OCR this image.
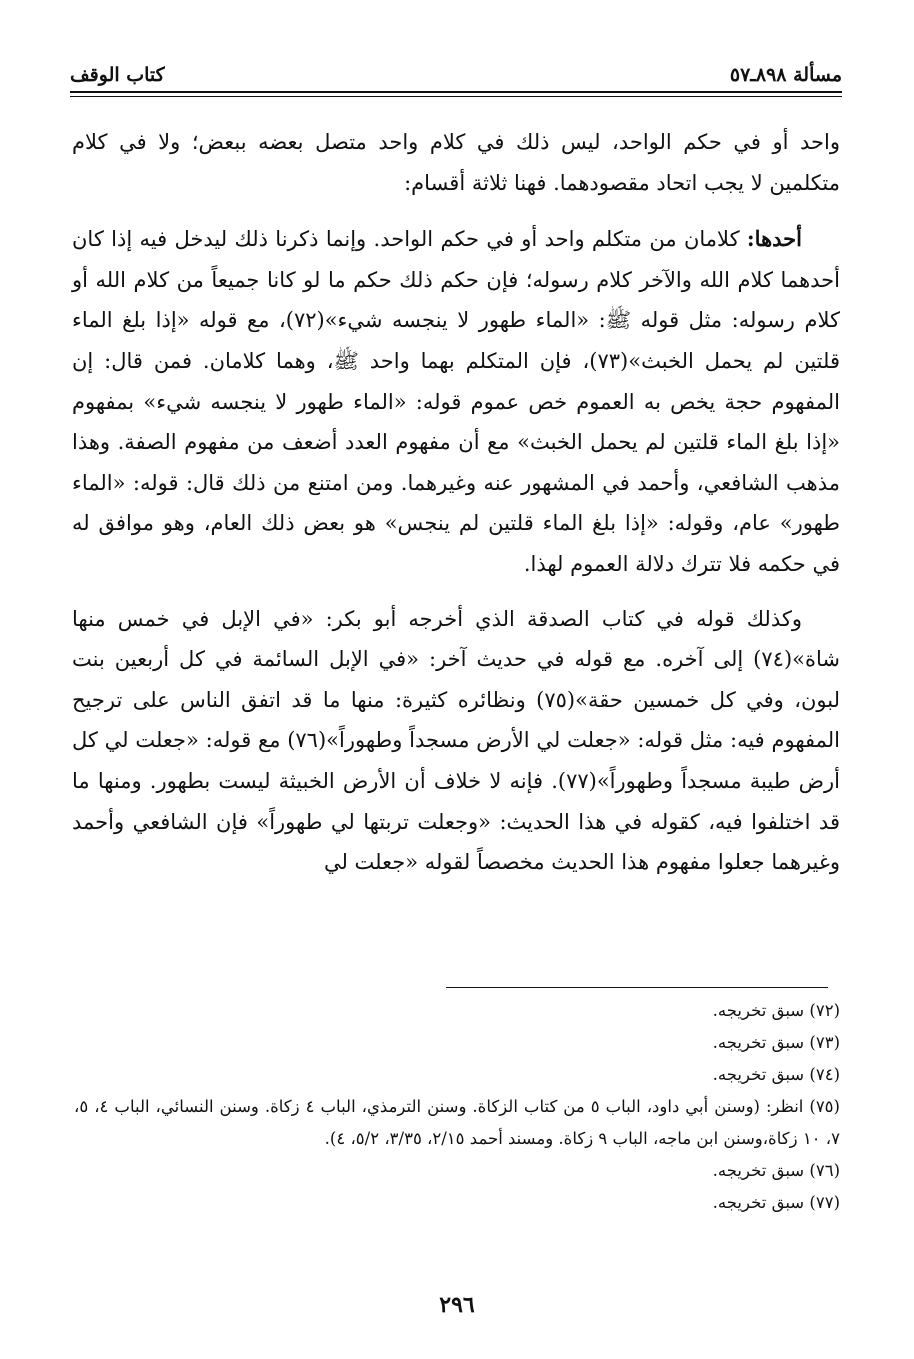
مسألة ٨٩٨ـ٥٧
كتاب الوقف

واحد أو في حكم الواحد، ليس ذلك في كلام واحد متصل بعضه ببعض؛ ولا في كلام متكلمين لا يجب اتحاد مقصودهما. فهنا ثلاثة أقسام:

أحدها: كلامان من متكلم واحد أو في حكم الواحد. وإنما ذكرنا ذلك ليدخل فيه إذا كان أحدهما كلام الله والآخر كلام رسوله؛ فإن حكم ذلك حكم ما لو كانا جميعاً من كلام الله أو كلام رسوله: مثل قوله ﷺ: «الماء طهور لا ينجسه شيء»(٧٢)، مع قوله «إذا بلغ الماء قلتين لم يحمل الخبث»(٧٣)، فإن المتكلم بهما واحد ﷺ، وهما كلامان. فمن قال: إن المفهوم حجة يخص به العموم خص عموم قوله: «الماء طهور لا ينجسه شيء» بمفهوم «إذا بلغ الماء قلتين لم يحمل الخبث» مع أن مفهوم العدد أضعف من مفهوم الصفة. وهذا مذهب الشافعي، وأحمد في المشهور عنه وغيرهما. ومن امتنع من ذلك قال: قوله: «الماء طهور» عام، وقوله: «إذا بلغ الماء قلتين لم ينجس» هو بعض ذلك العام، وهو موافق له في حكمه فلا تترك دلالة العموم لهذا.

وكذلك قوله في كتاب الصدقة الذي أخرجه أبو بكر: «في الإبل في خمس منها شاة»(٧٤) إلى آخره. مع قوله في حديث آخر: «في الإبل السائمة في كل أربعين بنت لبون، وفي كل خمسين حقة»(٧٥) ونظائره كثيرة: منها ما قد اتفق الناس على ترجيح المفهوم فيه: مثل قوله: «جعلت لي الأرض مسجداً وطهوراً»(٧٦) مع قوله: «جعلت لي كل أرض طيبة مسجداً وطهوراً»(٧٧). فإنه لا خلاف أن الأرض الخبيثة ليست بطهور. ومنها ما قد اختلفوا فيه، كقوله في هذا الحديث: «وجعلت تربتها لي طهوراً» فإن الشافعي وأحمد وغيرهما جعلوا مفهوم هذا الحديث مخصصاً لقوله «جعلت لي

(٧٢) سبق تخريجه.

(٧٣) سبق تخريجه.

(٧٤) سبق تخريجه.

(٧٥) انظر: (وسنن أبي داود، الباب ٥ من كتاب الزكاة. وسنن الترمذي، الباب ٤ زكاة. وسنن النسائي، الباب ٤، ٥، ٧، ١٠ زكاة،وسنن ابن ماجه، الباب ٩ زكاة. ومسند أحمد ٢/١٥، ٣/٣٥، ٥/٢، ٤).

(٧٦) سبق تخريجه.

(٧٧) سبق تخريجه.

٢٩٦
